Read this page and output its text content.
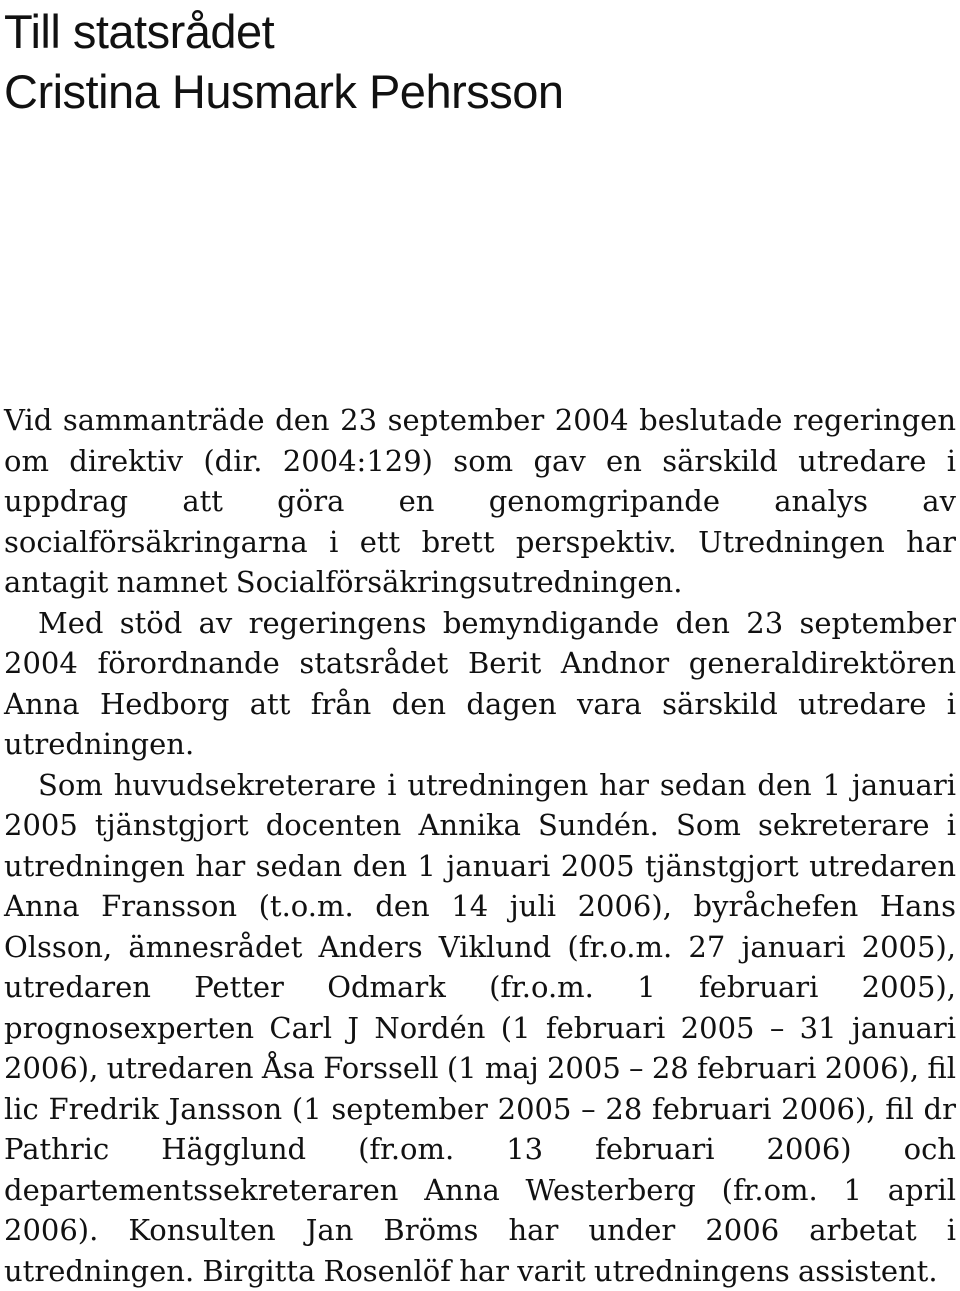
Till statsrådet
Cristina Husmark Pehrsson

Vid sammanträde den 23 september 2004 beslutade regeringen om direktiv (dir. 2004:129) som gav en särskild utredare i uppdrag att göra en genomgripande analys av socialförsäkringarna i ett brett perspektiv. Utredningen har antagit namnet Socialförsäkringsutredningen.

Med stöd av regeringens bemyndigande den 23 september 2004 förordnande statsrådet Berit Andnor generaldirektören Anna Hedborg att från den dagen vara särskild utredare i utredningen.

Som huvudsekreterare i utredningen har sedan den 1 januari 2005 tjänstgjort docenten Annika Sundén. Som sekreterare i utredningen har sedan den 1 januari 2005 tjänstgjort utredaren Anna Fransson (t.o.m. den 14 juli 2006), byråchefen Hans Olsson, ämnesrådet Anders Viklund (fr.o.m. 27 januari 2005), utredaren Petter Odmark (fr.o.m. 1 februari 2005), prognosexperten Carl J Nordén (1 februari 2005 – 31 januari 2006), utredaren Åsa Forssell (1 maj 2005 – 28 februari 2006), fil lic Fredrik Jansson (1 september 2005 – 28 februari 2006), fil dr Pathric Hägglund (fr.om. 13 februari 2006) och departementssekreteraren Anna Westerberg (fr.om. 1 april 2006). Konsulten Jan Bröms har under 2006 arbetat i utredningen. Birgitta Rosenlöf har varit utredningens assistent.
